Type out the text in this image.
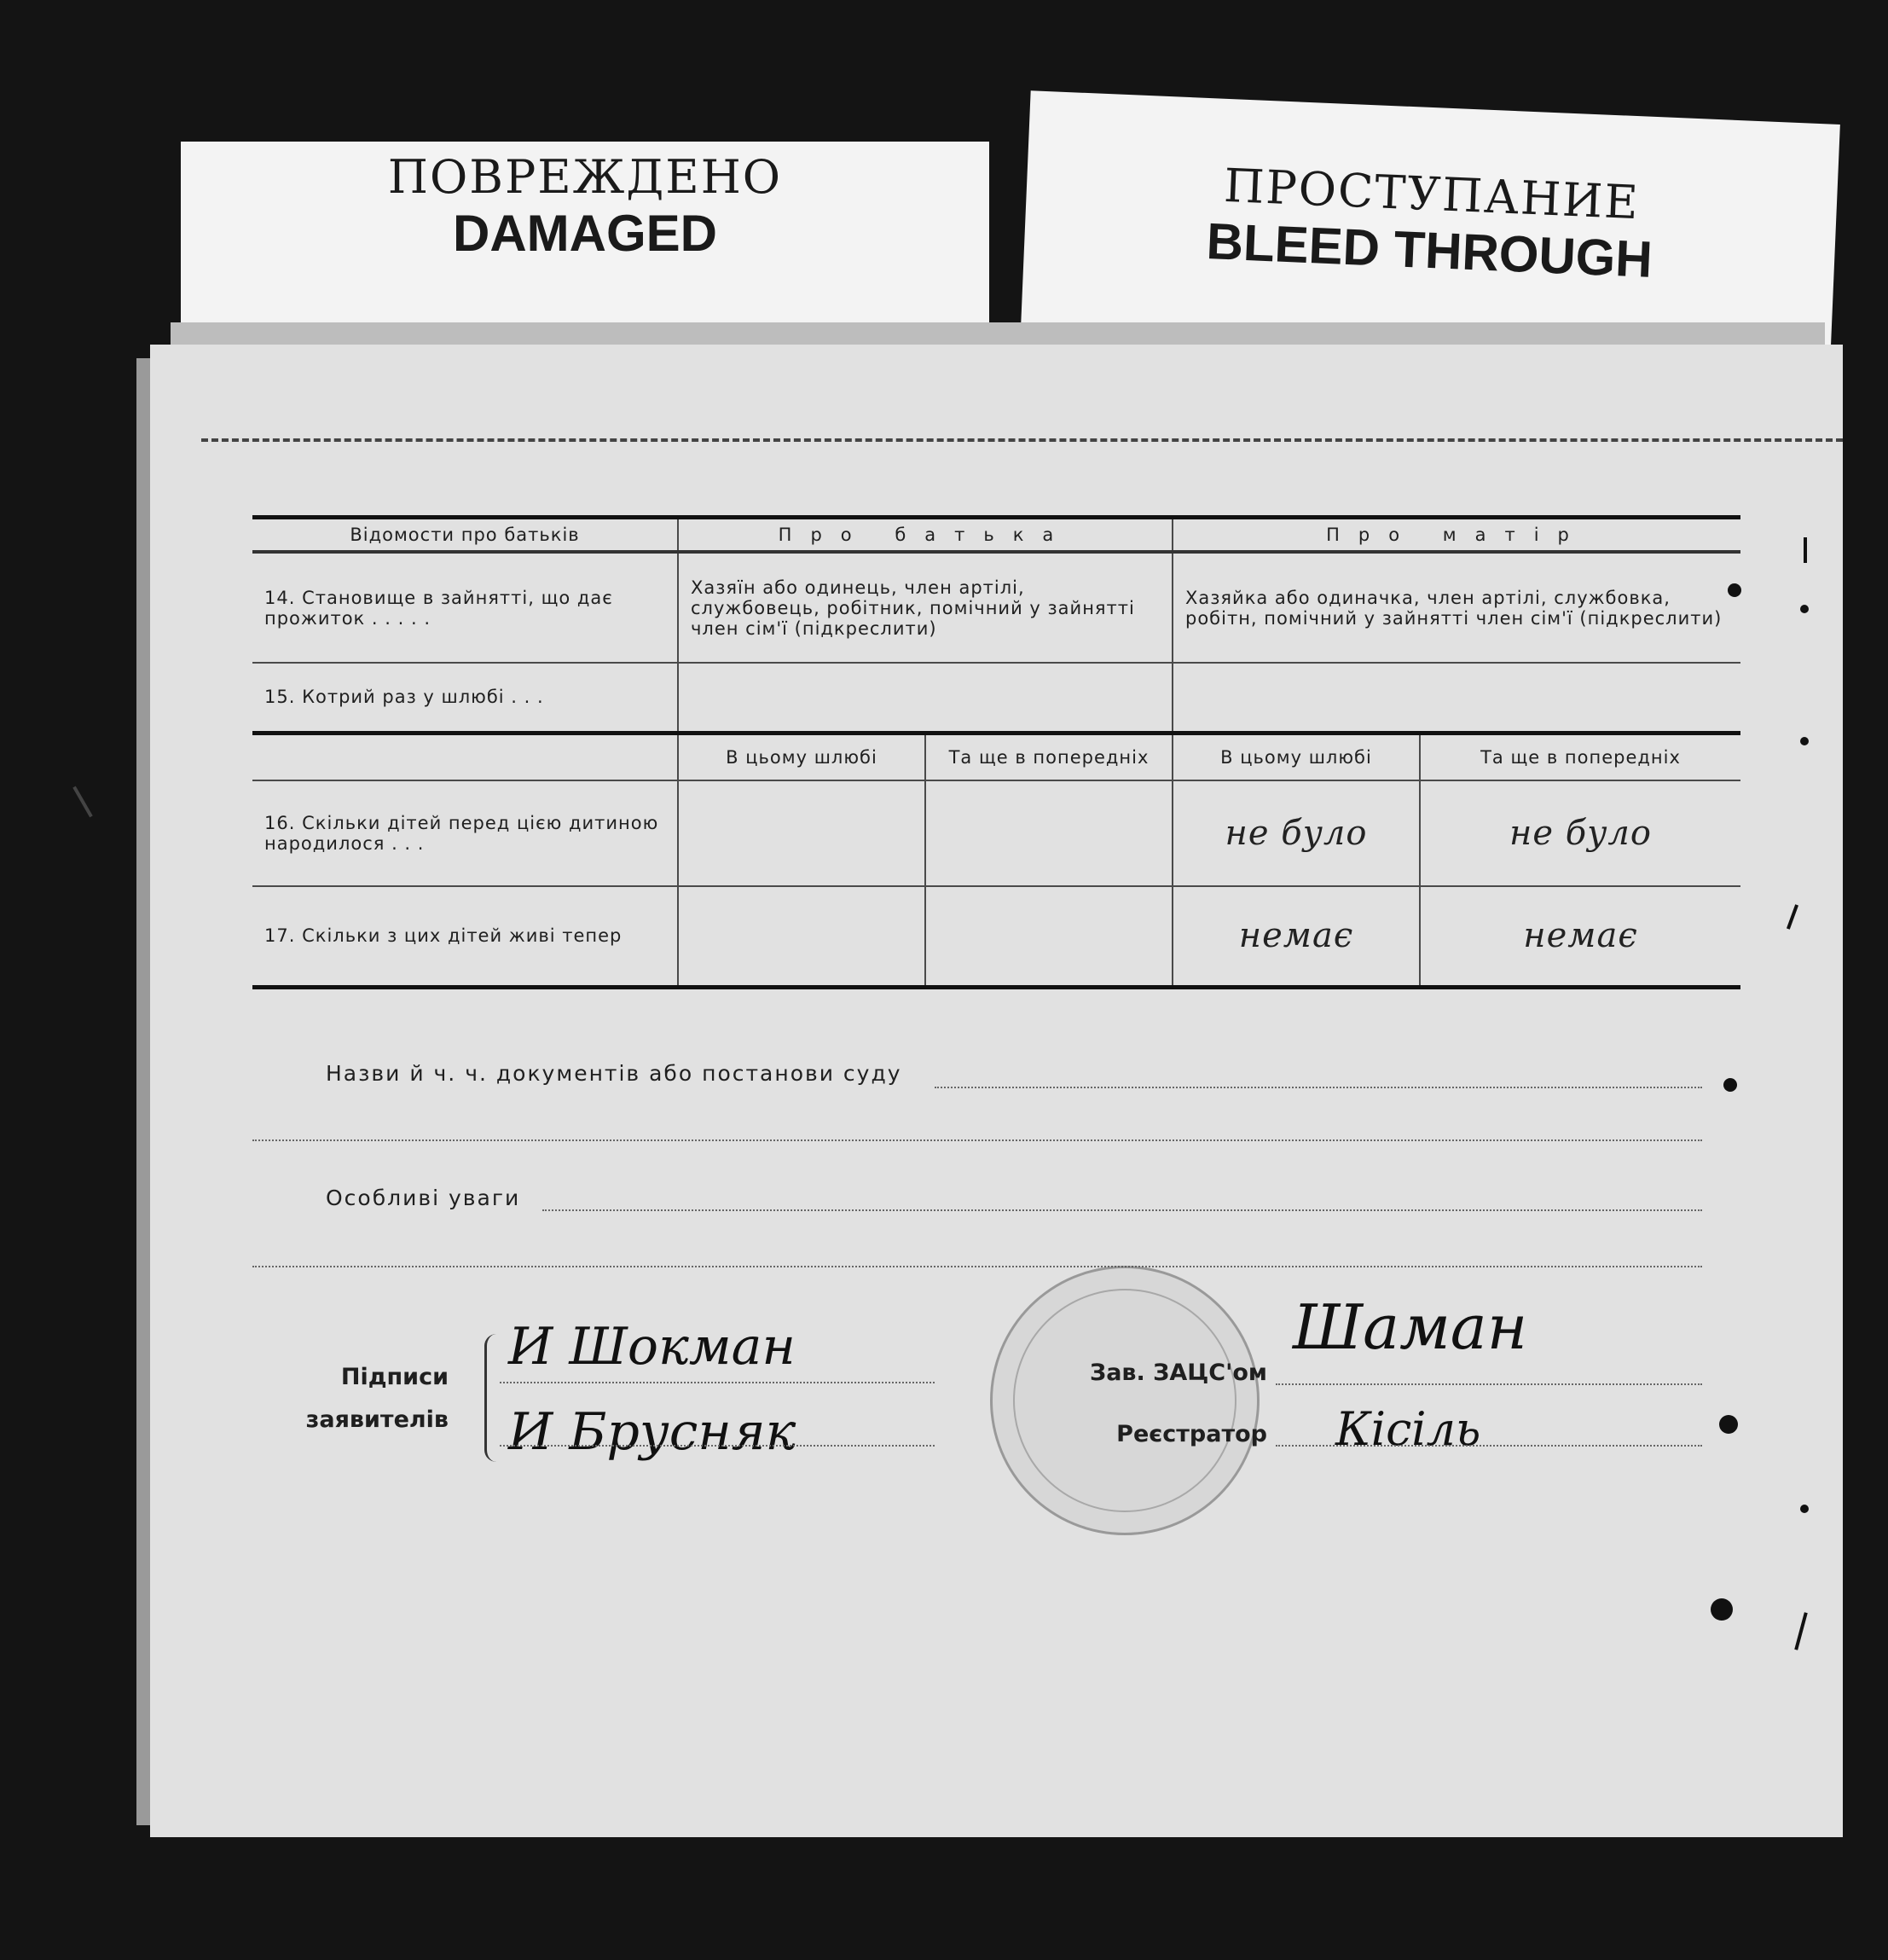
ПОВРЕЖДЕНО
DAMAGED
ПРОСТУПАНИЕ
BLEED THROUGH
Відомости про батьків	Про батька		Про матір	
14. Становище в зайнятті, що дає прожиток . . . . .	Хазяїн або одинець, член артілі, службовець, робітник, помічний у зайнятті член сім'ї (підкреслити)		Хазяйка або одиначка, член артілі, службовка, робітн, помічний у зайнятті член сім'ї (підкреслити)	
15. Котрий раз у шлюбі . . .				
	В цьому шлюбі	Та ще в попередніх	В цьому шлюбі	Та ще в попередніх
16. Скільки дітей перед цією дитиною народилося . . .			не було	не було
17. Скільки з цих дітей живі тепер			немає	немає
Назви й ч. ч. документів або постанови суду
Особливі уваги
Підписи
заявителів
И Шокман
И Брусняк
Зав. ЗАЦС'ом
Шаман
Реєстратор Кісіль
